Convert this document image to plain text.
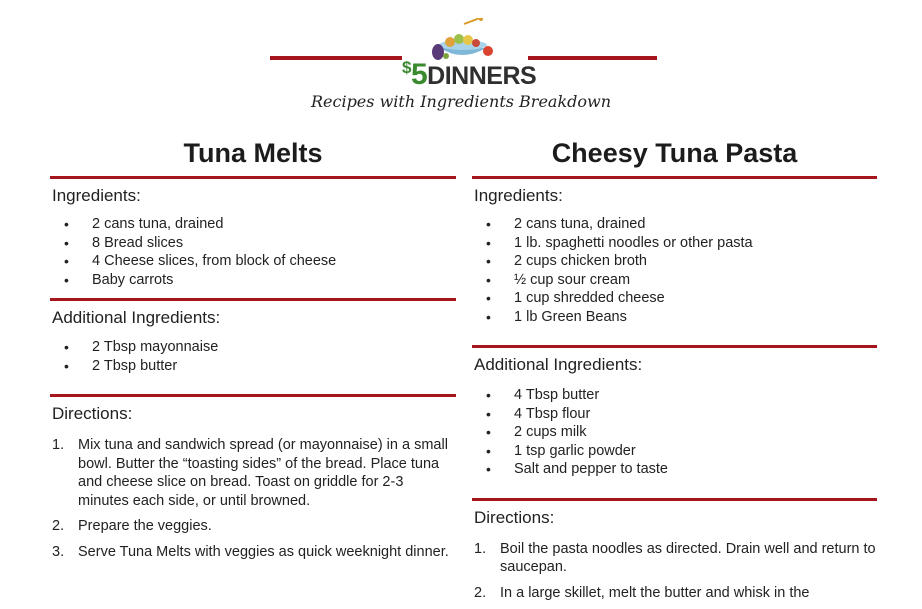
$5DINNERS
Recipes with Ingredients Breakdown
Tuna Melts
Ingredients:
• 2 cans tuna, drained
• 8 Bread slices
• 4 Cheese slices, from block of cheese
• Baby carrots
Additional Ingredients:
• 2 Tbsp mayonnaise
• 2 Tbsp butter
Directions:
1. Mix tuna and sandwich spread (or mayonnaise) in a small bowl. Butter the “toasting sides” of the bread. Place tuna and cheese slice on bread. Toast on griddle for 2-3 minutes each side, or until browned.
2. Prepare the veggies.
3. Serve Tuna Melts with veggies as quick weeknight dinner.
Cheesy Tuna Pasta
Ingredients:
• 2 cans tuna, drained
• 1 lb. spaghetti noodles or other pasta
• 2 cups chicken broth
• ½ cup sour cream
• 1 cup shredded cheese
• 1 lb Green Beans
Additional Ingredients:
• 4 Tbsp butter
• 4 Tbsp flour
• 2 cups milk
• 1 tsp garlic powder
• Salt and pepper to taste
Directions:
1. Boil the pasta noodles as directed. Drain well and return to saucepan.
2. In a large skillet, melt the butter and whisk in the
